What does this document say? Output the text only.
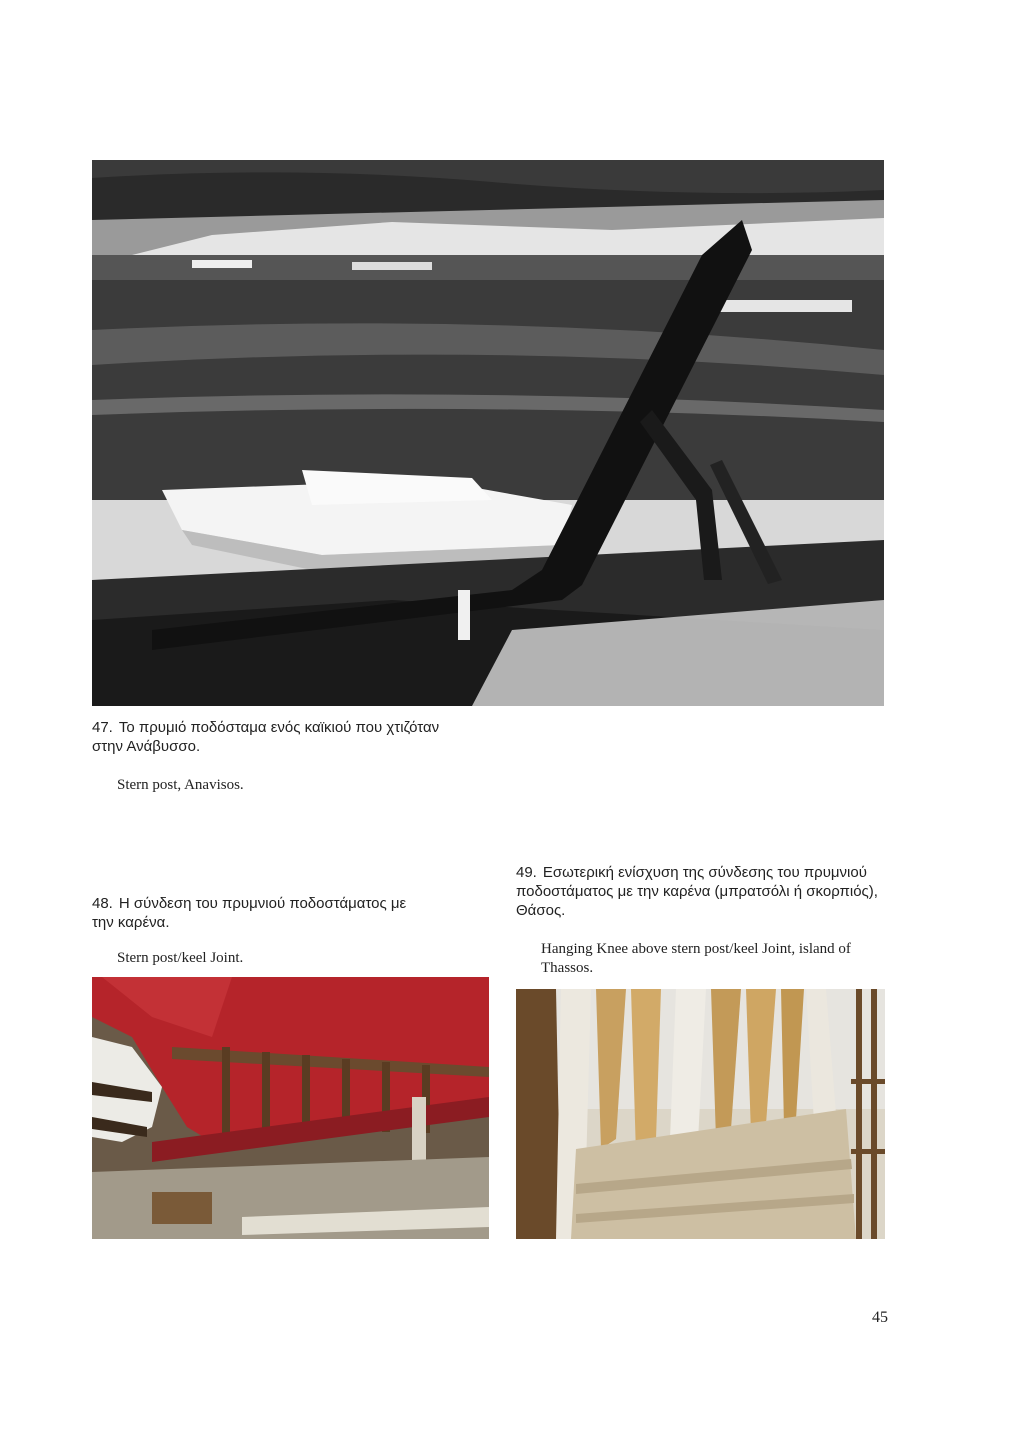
47. Το πρυμιό ποδόσταμα ενός καϊκιού που χτιζόταν στην Ανάβυσσο.
Stern post, Anavisos.
49. Εσωτερική ενίσχυση της σύνδεσης του πρυμνιού ποδοστάματος με την καρένα (μπρατσόλι ή σκορπιός), Θάσος.
Hanging Knee above stern post/keel Joint, island of Thassos.
48. Η σύνδεση του πρυμνιού ποδοστάματος με την καρένα.
Stern post/keel Joint.
45
